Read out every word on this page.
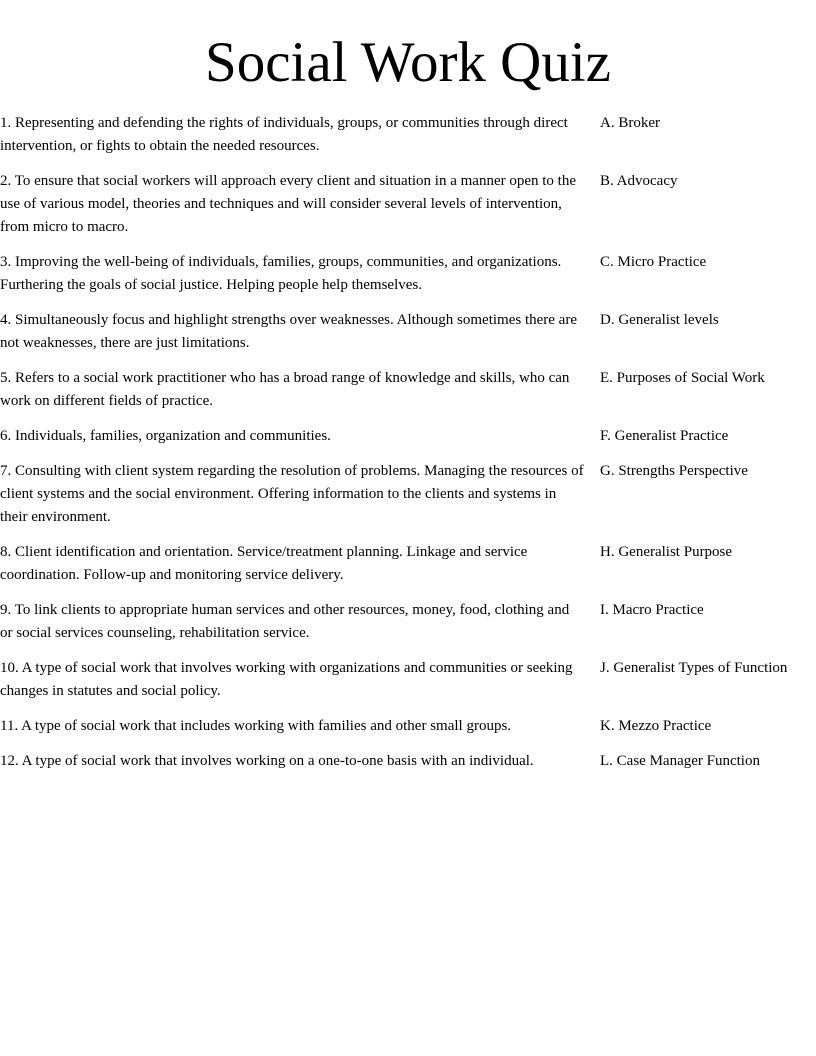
Social Work Quiz
1. Representing and defending the rights of individuals, groups, or communities through direct intervention, or fights to obtain the needed resources.
A. Broker
2. To ensure that social workers will approach every client and situation in a manner open to the use of various model, theories and techniques and will consider several levels of intervention, from micro to macro.
B. Advocacy
3. Improving the well-being of individuals, families, groups, communities, and organizations. Furthering the goals of social justice. Helping people help themselves.
C. Micro Practice
4. Simultaneously focus and highlight strengths over weaknesses. Although sometimes there are not weaknesses, there are just limitations.
D. Generalist levels
5. Refers to a social work practitioner who has a broad range of knowledge and skills, who can work on different fields of practice.
E. Purposes of Social Work
6. Individuals, families, organization and communities.	F. Generalist Practice
7. Consulting with client system regarding the resolution of problems. Managing the resources of client systems and the social environment. Offering information to the clients and systems in their environment.
G. Strengths Perspective
8. Client identification and orientation. Service/treatment planning. Linkage and service coordination. Follow-up and monitoring service delivery.
H. Generalist Purpose
9. To link clients to appropriate human services and other resources, money, food, clothing and or social services counseling, rehabilitation service.
I. Macro Practice
10. A type of social work that involves working with organizations and communities or seeking changes in statutes and social policy.
J. Generalist Types of Function
11. A type of social work that includes working with families and other small groups.	K. Mezzo Practice
12. A type of social work that involves working on a one-to-one basis with an individual.	L. Case Manager Function
